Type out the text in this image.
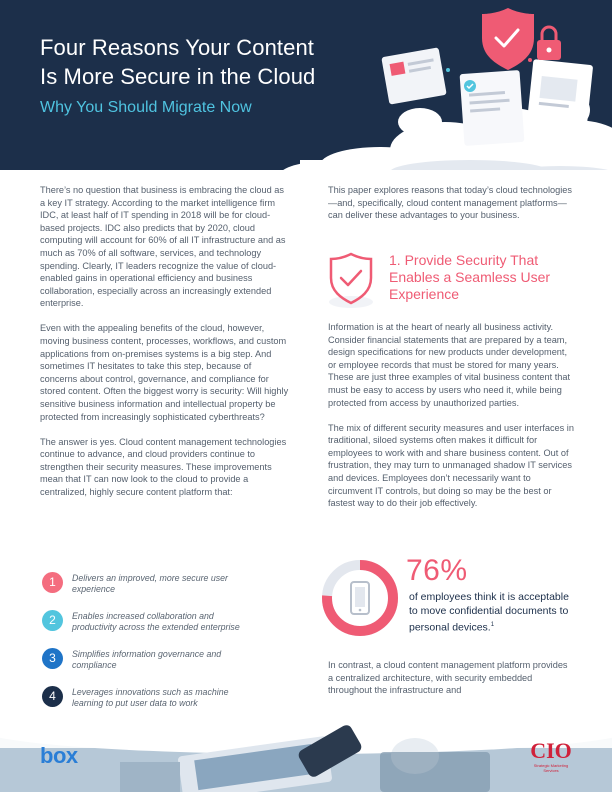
Four Reasons Your Content
Is More Secure in the Cloud
Why You Should Migrate Now

There’s no question that business is embracing the cloud as a key IT strategy. According to the market intelligence firm IDC, at least half of IT spending in 2018 will be for cloud-based projects. IDC also predicts that by 2020, cloud computing will account for 60% of all IT infrastructure and as much as 70% of all software, services, and technology spending. Clearly, IT leaders recognize the value of cloud-enabled gains in operational efficiency and business collaboration, especially across an increasingly extended enterprise.

Even with the appealing benefits of the cloud, however, moving business content, processes, workflows, and custom applications from on-premises systems is a big step. And sometimes IT hesitates to take this step, because of concerns about control, governance, and compliance for stored content. Often the biggest worry is security: Will highly sensitive business information and intellectual property be protected from increasingly sophisticated cyberthreats?

The answer is yes. Cloud content management technologies continue to advance, and cloud providers continue to strengthen their security measures. These improvements mean that IT can now look to the cloud to provide a centralized, highly secure content platform that:

1	Delivers an improved, more secure user experience
2	Enables increased collaboration and productivity across the extended enterprise
3	Simplifies information governance and compliance
4	Leverages innovations such as machine learning to put user data to work

This paper explores reasons that today’s cloud technologies—and, specifically, cloud content management platforms—can deliver these advantages to your business.

1. Provide Security That Enables a Seamless User Experience

Information is at the heart of nearly all business activity. Consider financial statements that are prepared by a team, design specifications for new products under development, or employee records that must be stored for many years. These are just three examples of vital business content that must be easy to access by users who need it, while being protected from access by unauthorized parties.

The mix of different security measures and user interfaces in traditional, siloed systems often makes it difficult for employees to work with and share business content. Out of frustration, they may turn to unmanaged shadow IT services and devices. Employees don’t necessarily want to circumvent IT controls, but doing so may be the best or fastest way to do their job effectively.

76%
of employees think it is acceptable to move confidential documents to personal devices.$^1$

In contrast, a cloud content management platform provides a centralized architecture, with security embedded throughout the infrastructure and

box	CIO
Strategic Marketing Services
